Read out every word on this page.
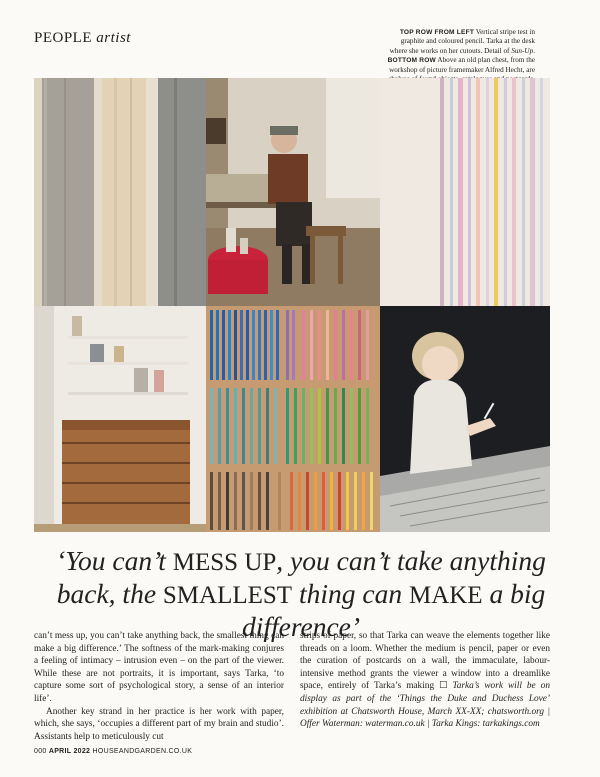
PEOPLE artist	TOP ROW FROM LEFT Vertical stripe test in graphite and coloured pencil. Tarka at the desk where she works on her cutouts. Detail of Sun-Up. BOTTOM ROW Above an old plan chest, from the workshop of picture framemaker Alfred Hecht, are
‘You can’t MESS UP, you can’t take anything back, the SMALLEST thing can MAKE a big difference’

can’t mess up, you can’t take anything back, the smallest thing can make a big difference.’ The softness of the mark-making conjures a feeling of intimacy – intrusion even – on the part of the viewer. While these are not portraits, it is important, says Tarka, ‘to capture some sort of psychological story, a sense of an interior life’.

Another key strand in her practice is her work with paper, which, she says, ‘occupies a different part of my brain and studio’. Assistants help to meticulously cut

strips of paper, so that Tarka can weave the elements together like threads on a loom. Whether the medium is pencil, paper or even the curation of postcards on a wall, the immaculate, labour-intensive method grants the viewer a window into a dreamlike space, entirely of Tarka’s making ☐ Tarka’s work will be on display as part of the ‘Things the Duke and Duchess Love’ exhibition at Chatsworth House, March XX-XX; chatsworth.org | Offer Waterman: waterman.co.uk | Tarka Kings: tarkakings.com

000 APRIL 2022 HOUSEANDGARDEN.CO.UK
